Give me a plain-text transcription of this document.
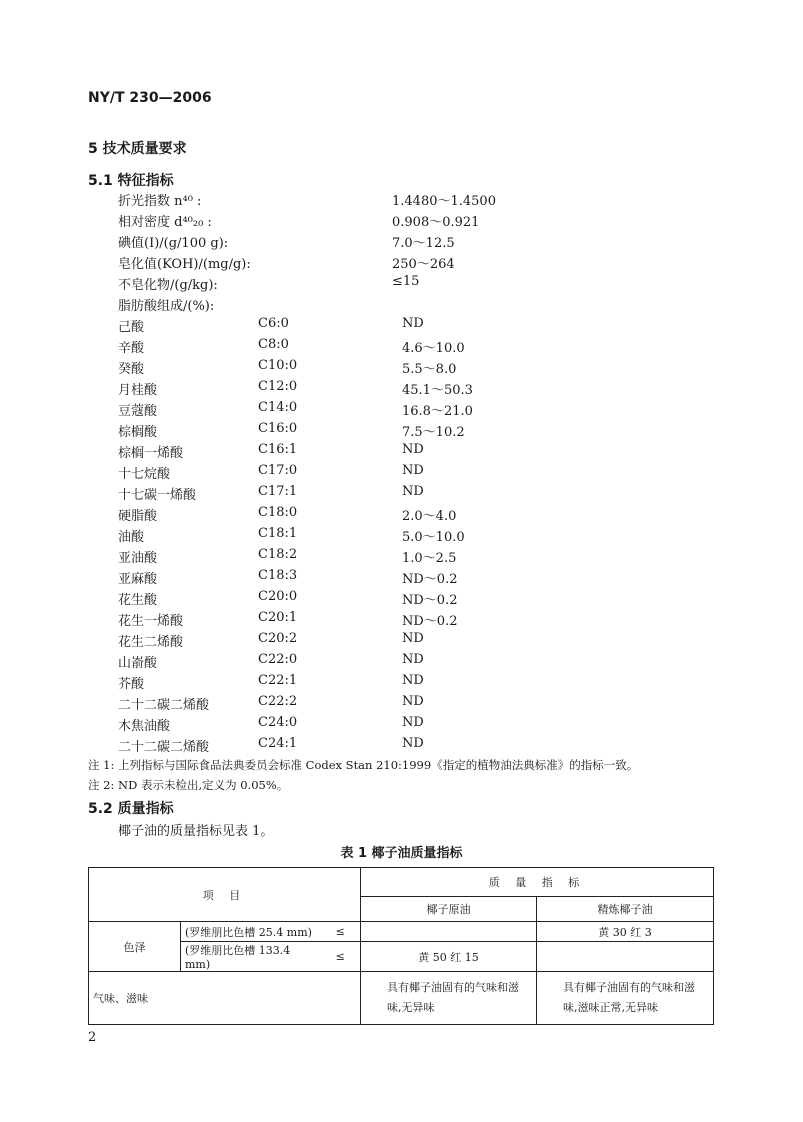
NY/T 230—2006
5 技术质量要求
5.1 特征指标
折光指数 n⁴⁰ :	1.4480～1.4500
相对密度 d⁴⁰₂₀ :	0.908～0.921
碘值(I)/(g/100 g):	7.0～12.5
皂化值(KOH)/(mg/g):	250～264
不皂化物/(g/kg):	≤15
脂肪酸组成/(%):
己酸	C6:0	ND
辛酸	C8:0	4.6～10.0
癸酸	C10:0	5.5～8.0
月桂酸	C12:0	45.1～50.3
豆蔻酸	C14:0	16.8～21.0
棕榈酸	C16:0	7.5～10.2
棕榈一烯酸	C16:1	ND
十七烷酸	C17:0	ND
十七碳一烯酸	C17:1	ND
硬脂酸	C18:0	2.0～4.0
油酸	C18:1	5.0～10.0
亚油酸	C18:2	1.0～2.5
亚麻酸	C18:3	ND～0.2
花生酸	C20:0	ND～0.2
花生一烯酸	C20:1	ND～0.2
花生二烯酸	C20:2	ND
山嵛酸	C22:0	ND
芥酸	C22:1	ND
二十二碳二烯酸	C22:2	ND
木焦油酸	C24:0	ND
二十二碳二烯酸	C24:1	ND
注 1: 上列指标与国际食品法典委员会标准 Codex Stan 210:1999《指定的植物油法典标准》的指标一致。
注 2: ND 表示未检出,定义为 0.05%。
5.2 质量指标
椰子油的质量指标见表 1。
表 1 椰子油质量指标
项 目			质 量 指 标	
			椰子原油	精炼椰子油
色泽	(罗维朋比色槽 25.4 mm)	≤		黄 30 红 3
	(罗维朋比色槽 133.4 mm)	≤	黄 50 红 15	
气味、滋味			具有椰子油固有的气味和滋味,无异味	具有椰子油固有的气味和滋味,滋味正常,无异味
2
